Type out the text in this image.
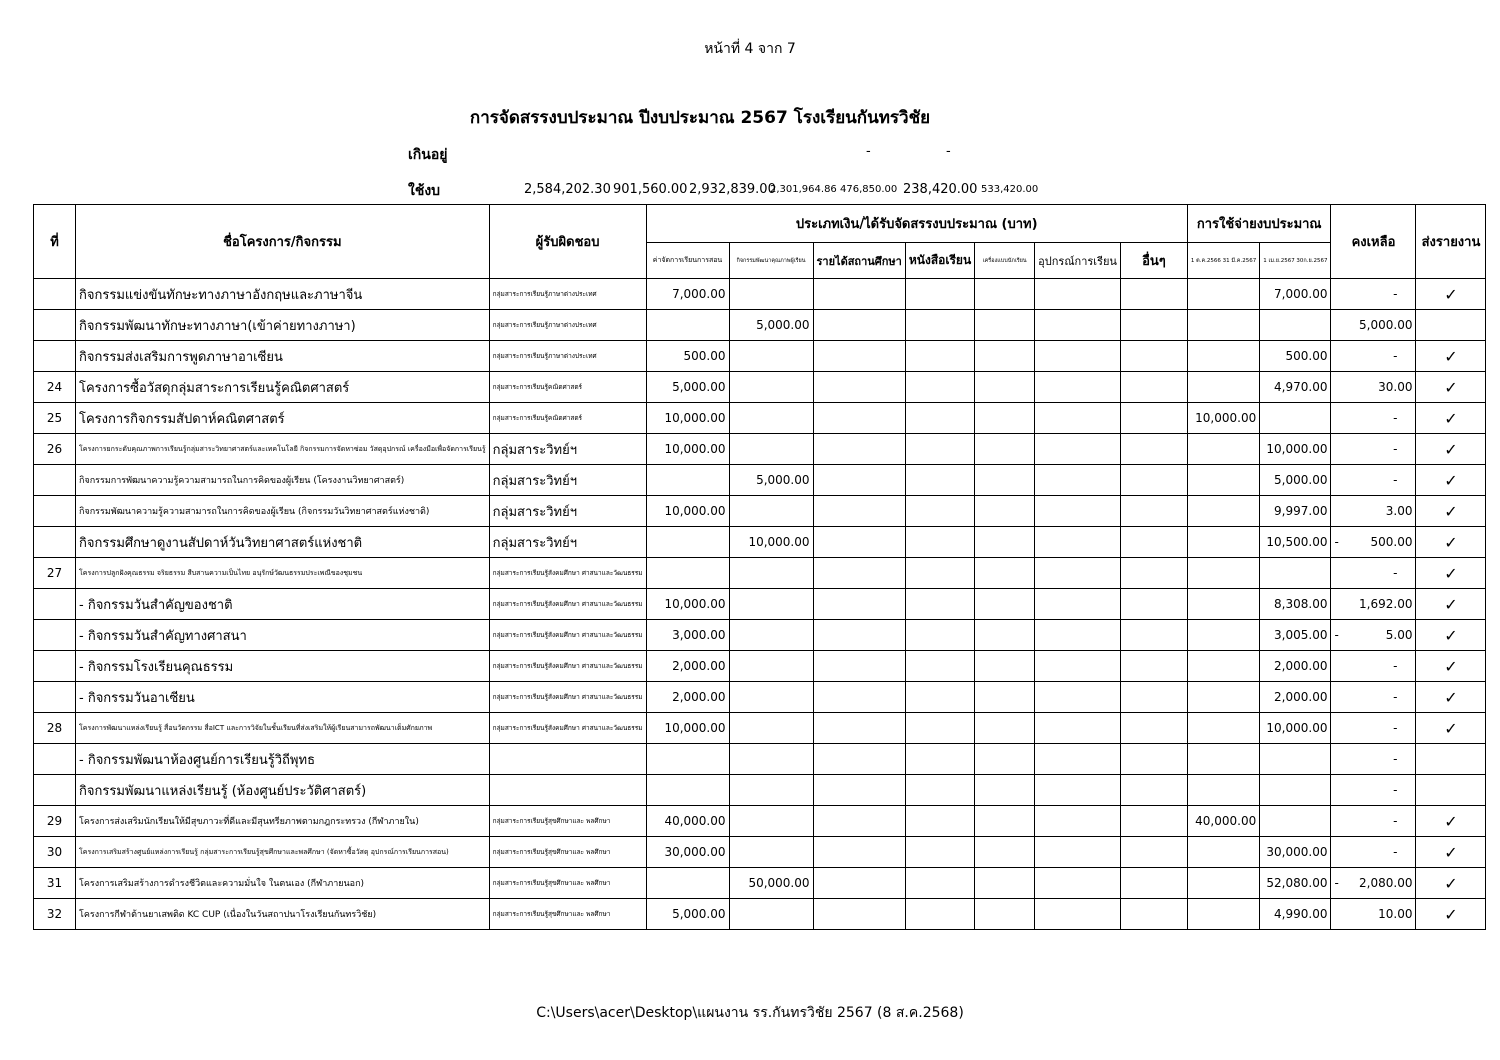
หน้าที่ 4 จาก 7
การจัดสรรงบประมาณ ปีงบประมาณ 2567 โรงเรียนกันทรวิชัย
เกินอยู่	-	-
ใช้งบ	2,584,202.30 901,560.00 2,932,839.00
2,301,964.86 476,850.00 238,420.00 533,420.00
ที่	ชื่อโครงการ/กิจกรรม	ผู้รับผิดชอบ	ประเภทเงิน/ได้รับจัดสรรงบประมาณ (บาท)							การใช้จ่ายงบประมาณ		คงเหลือ	ส่งรายงาน
			ค่าจัดการเรียนการสอน	กิจกรรมพัฒนาคุณภาพผู้เรียน	รายได้สถานศึกษา	หนังสือเรียน	เครื่องแบบนักเรียน	อุปกรณ์การเรียน	อื่นๆ	1 ต.ค.2566 31 มี.ค.2567	1 เม.ย.2567 30ก.ย.2567		
	กิจกรรมแข่งขันทักษะทางภาษาอังกฤษและภาษาจีน	กลุ่มสาระการเรียนรู้ภาษาต่างประเทศ	7,000.00								7,000.00	-	✓
	กิจกรรมพัฒนาทักษะทางภาษา(เข้าค่ายทางภาษา)	กลุ่มสาระการเรียนรู้ภาษาต่างประเทศ		5,000.00								5,000.00	
	กิจกรรมส่งเสริมการพูดภาษาอาเซียน	กลุ่มสาระการเรียนรู้ภาษาต่างประเทศ	500.00								500.00	-	✓
24	โครงการซื้อวัสดุกลุ่มสาระการเรียนรู้คณิตศาสตร์	กลุ่มสาระการเรียนรู้คณิตศาสตร์	5,000.00								4,970.00	30.00	✓
25	โครงการกิจกรรมสัปดาห์คณิตศาสตร์	กลุ่มสาระการเรียนรู้คณิตศาสตร์	10,000.00							10,000.00		-	✓
26	โครงการยกระดับคุณภาพการเรียนรู้กลุ่มสาระวิทยาศาสตร์และเทคโนโลยี กิจกรรมการจัดหาซ่อม วัสดุอุปกรณ์ เครื่องมือเพื่อจัดการเรียนรู้	กลุ่มสาระวิทย์ฯ	10,000.00								10,000.00	-	✓
	กิจกรรมการพัฒนาความรู้ความสามารถในการคิดของผู้เรียน (โครงงานวิทยาศาสตร์)	กลุ่มสาระวิทย์ฯ		5,000.00							5,000.00	-	✓
	กิจกรรมพัฒนาความรู้ความสามารถในการคิดของผู้เรียน (กิจกรรมวันวิทยาศาสตร์แห่งชาติ)	กลุ่มสาระวิทย์ฯ	10,000.00								9,997.00	3.00	✓
	กิจกรรมศึกษาดูงานสัปดาห์วันวิทยาศาสตร์แห่งชาติ	กลุ่มสาระวิทย์ฯ		10,000.00							10,500.00	- 500.00	✓
27	โครงการปลูกฝังคุณธรรม จริยธรรม สืบสานความเป็นไทย อนุรักษ์วัฒนธรรมประเพณีของชุมชน	กลุ่มสาระการเรียนรู้สังคมศึกษา ศาสนาและวัฒนธรรม										-	✓
	- กิจกรรมวันสำคัญของชาติ	กลุ่มสาระการเรียนรู้สังคมศึกษา ศาสนาและวัฒนธรรม	10,000.00								8,308.00	1,692.00	✓
	- กิจกรรมวันสำคัญทางศาสนา	กลุ่มสาระการเรียนรู้สังคมศึกษา ศาสนาและวัฒนธรรม	3,000.00								3,005.00	- 5.00	✓
	- กิจกรรมโรงเรียนคุณธรรม	กลุ่มสาระการเรียนรู้สังคมศึกษา ศาสนาและวัฒนธรรม	2,000.00								2,000.00	-	✓
	- กิจกรรมวันอาเซียน	กลุ่มสาระการเรียนรู้สังคมศึกษา ศาสนาและวัฒนธรรม	2,000.00								2,000.00	-	✓
28	โครงการพัฒนาแหล่งเรียนรู้ สื่อนวัตกรรม สื่อICT และการวิจัยในชั้นเรียนที่ส่งเสริมให้ผู้เรียนสามารถพัฒนาเต็มศักยภาพ	กลุ่มสาระการเรียนรู้สังคมศึกษา ศาสนาและวัฒนธรรม	10,000.00								10,000.00	-	✓
	- กิจกรรมพัฒนาห้องศูนย์การเรียนรู้วิถีพุทธ											-	
	กิจกรรมพัฒนาแหล่งเรียนรู้ (ห้องศูนย์ประวัติศาสตร์)											-	
29	โครงการส่งเสริมนักเรียนให้มีสุขภาวะที่ดีและมีสุนทรียภาพตามกฎกระทรวง (กีฬาภายใน)	กลุ่มสาระการเรียนรู้สุขศึกษาและ พลศึกษา	40,000.00							40,000.00		-	✓
30	โครงการเสริมสร้างศูนย์แหล่งการเรียนรู้ กลุ่มสาระการเรียนรู้สุขศึกษาและพลศึกษา (จัดหาซื้อวัสดุ อุปกรณ์การเรียนการสอน)	กลุ่มสาระการเรียนรู้สุขศึกษาและ พลศึกษา	30,000.00								30,000.00	-	✓
31	โครงการเสริมสร้างการดำรงชีวิตและความมั่นใจ ในตนเอง (กีฬาภายนอก)	กลุ่มสาระการเรียนรู้สุขศึกษาและ พลศึกษา		50,000.00							52,080.00	- 2,080.00	✓
32	โครงการกีฬาต้านยาเสพติด KC CUP (เนื่องในวันสถาปนาโรงเรียนกันทรวิชัย)	กลุ่มสาระการเรียนรู้สุขศึกษาและ พลศึกษา	5,000.00								4,990.00	10.00	✓
C:\Users\acer\Desktop\แผนงาน รร.กันทรวิชัย 2567 (8 ส.ค.2568)
